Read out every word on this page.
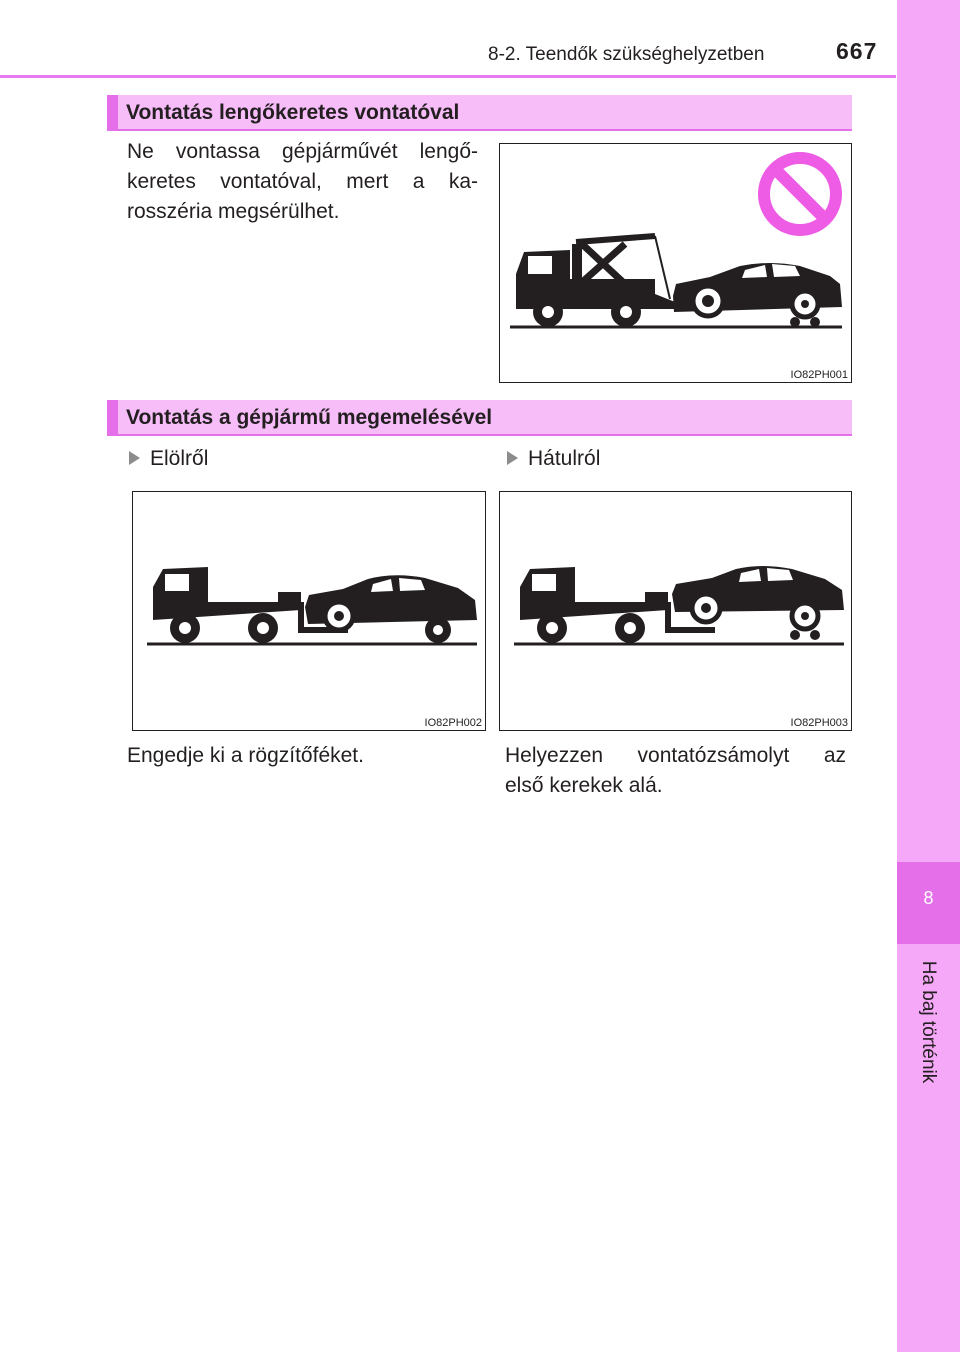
8-2. Teendők szükséghelyzetben	667
8
Ha baj történik
Vontatás lengőkeretes vontatóval
Ne vontassa gépjárművét lengő-
keretes vontatóval, mert a ka-
rosszéria megsérülhet.
IO82PH001
Vontatás a gépjármű megemelésével
Elölről	Hátulról
IO82PH002	IO82PH003
Engedje ki a rögzítőféket.	Helyezzen vontatózsámolyt az
első kerekek alá.
